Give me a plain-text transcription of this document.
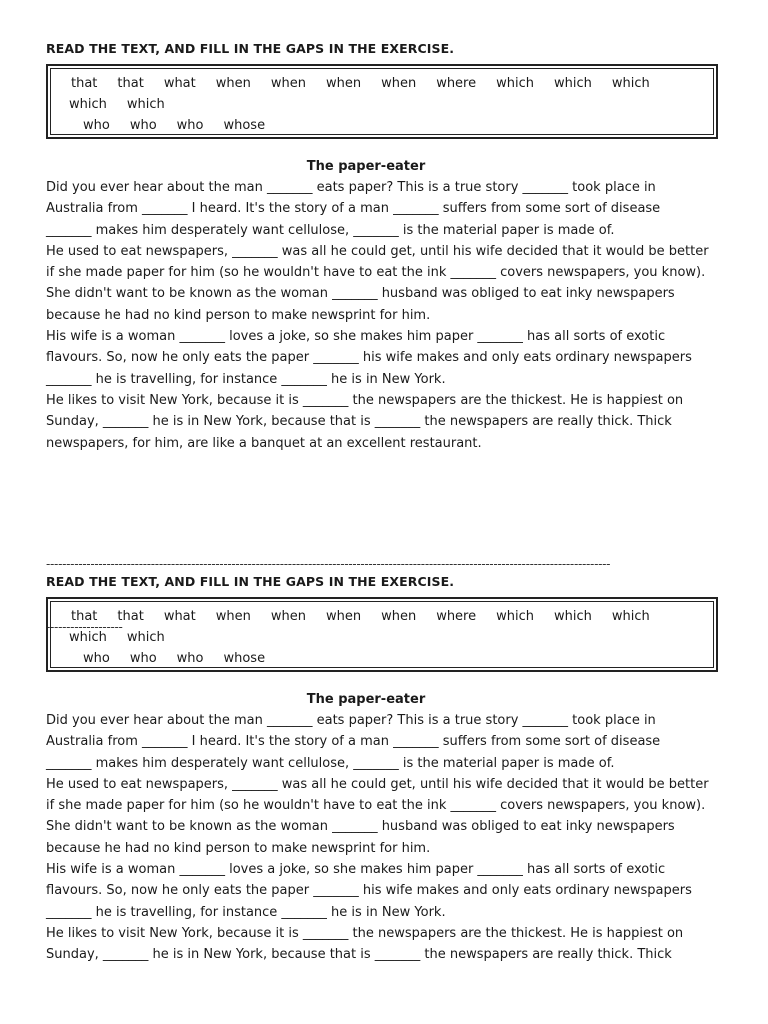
READ THE TEXT, AND FILL IN THE GAPS IN THE EXERCISE.
that that what when when when when where which which which
which which
who who who whose
The paper-eater
Did you ever hear about the man _______ eats paper? This is a true story _______ took place in
Australia from _______ I heard. It's the story of a man _______ suffers from some sort of disease
_______ makes him desperately want cellulose, _______ is the material paper is made of.
He used to eat newspapers, _______ was all he could get, until his wife decided that it would be better
if she made paper for him (so he wouldn't have to eat the ink _______ covers newspapers, you know).
She didn't want to be known as the woman _______ husband was obliged to eat inky newspapers
because he had no kind person to make newsprint for him.
His wife is a woman _______ loves a joke, so she makes him paper _______ has all sorts of exotic
flavours. So, now he only eats the paper _______ his wife makes and only eats ordinary newspapers
_______ he is travelling, for instance _______ he is in New York.
He likes to visit New York, because it is _______ the newspapers are the thickest. He is happiest on
Sunday, _______ he is in New York, because that is _______ the newspapers are really thick. Thick
newspapers, for him, are like a banquet at an excellent restaurant.

--------------------------------------------------------------------------------------------------------------------------------------------

-------------------

READ THE TEXT, AND FILL IN THE GAPS IN THE EXERCISE.
that that what when when when when where which which which
which which
who who who whose
The paper-eater
Did you ever hear about the man _______ eats paper? This is a true story _______ took place in
Australia from _______ I heard. It's the story of a man _______ suffers from some sort of disease
_______ makes him desperately want cellulose, _______ is the material paper is made of.
He used to eat newspapers, _______ was all he could get, until his wife decided that it would be better
if she made paper for him (so he wouldn't have to eat the ink _______ covers newspapers, you know).
She didn't want to be known as the woman _______ husband was obliged to eat inky newspapers
because he had no kind person to make newsprint for him.
His wife is a woman _______ loves a joke, so she makes him paper _______ has all sorts of exotic
flavours. So, now he only eats the paper _______ his wife makes and only eats ordinary newspapers
_______ he is travelling, for instance _______ he is in New York.
He likes to visit New York, because it is _______ the newspapers are the thickest. He is happiest on
Sunday, _______ he is in New York, because that is _______ the newspapers are really thick. Thick
